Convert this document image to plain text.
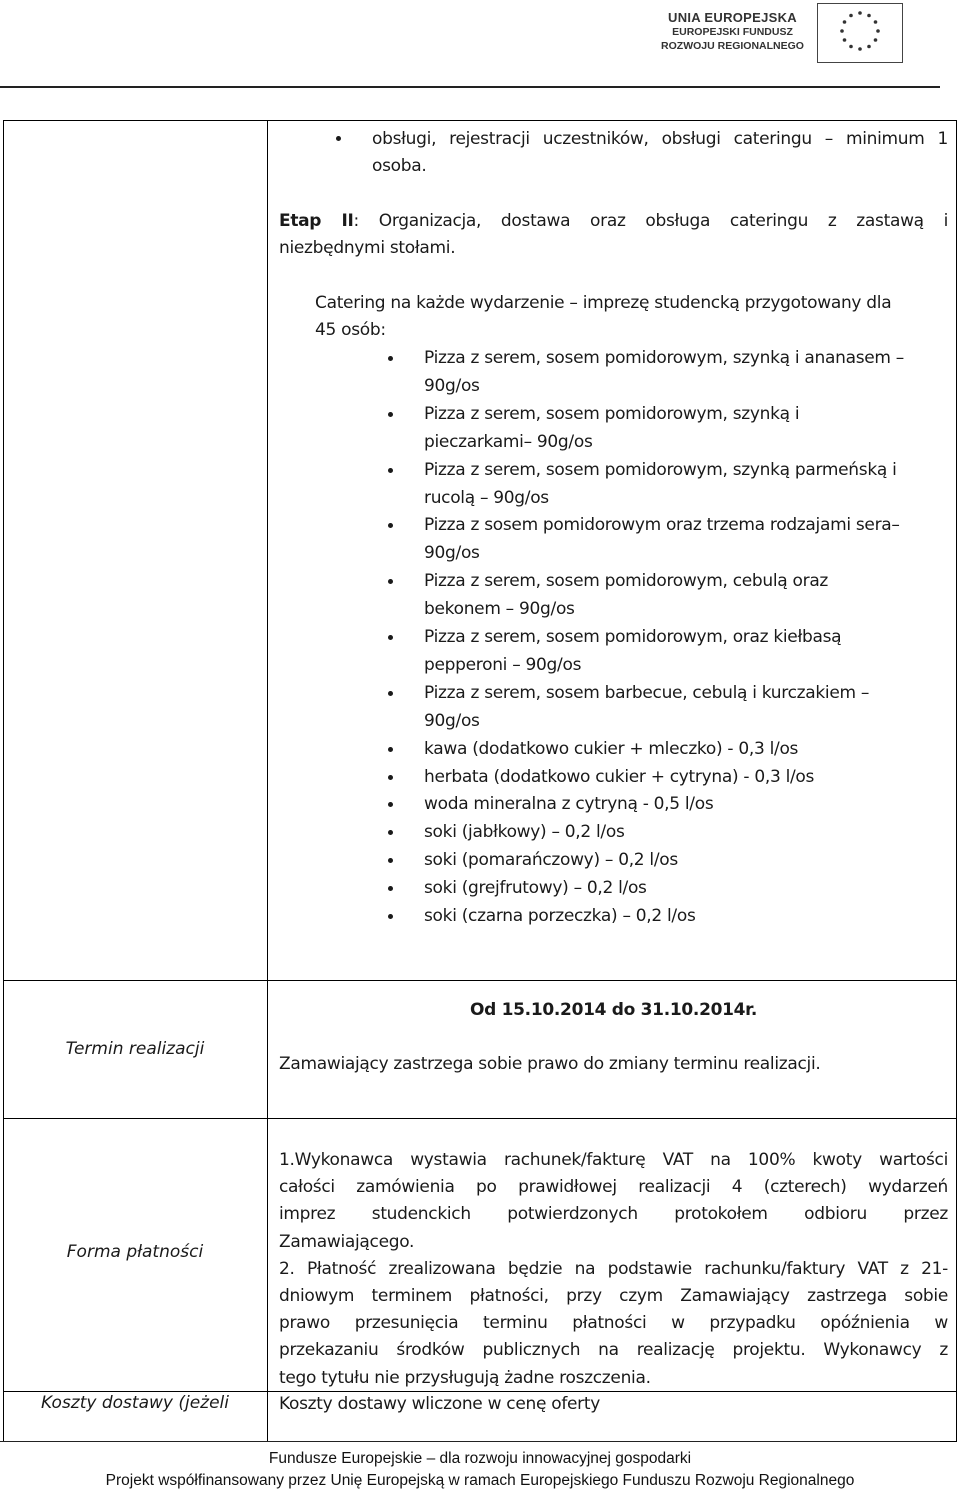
UNIA EUROPEJSKA
EUROPEJSKI FUNDUSZ
ROZWOJU REGIONALNEGO
obsługi, rejestracji uczestników, obsługi cateringu – minimum 1
osoba.
Etap II: Organizacja, dostawa oraz obsługa cateringu z zastawą i
niezbędnymi stołami.
Catering na każde wydarzenie – imprezę studencką przygotowany dla
45 osób:
Pizza z serem, sosem pomidorowym, szynką i ananasem –
90g/os
Pizza z serem, sosem pomidorowym, szynką i
pieczarkami– 90g/os
Pizza z serem, sosem pomidorowym, szynką parmeńską i
rucolą – 90g/os
Pizza z sosem pomidorowym oraz trzema rodzajami sera–
90g/os
Pizza z serem, sosem pomidorowym, cebulą oraz
bekonem – 90g/os
Pizza z serem, sosem pomidorowym, oraz kiełbasą
pepperoni – 90g/os
Pizza z serem, sosem barbecue, cebulą i kurczakiem –
90g/os
kawa (dodatkowo cukier + mleczko) - 0,3 l/os
herbata (dodatkowo cukier + cytryna) - 0,3 l/os
woda mineralna z cytryną - 0,5 l/os
soki (jabłkowy) – 0,2 l/os
soki (pomarańczowy) – 0,2 l/os
soki (grejfrutowy) – 0,2 l/os
soki (czarna porzeczka) – 0,2 l/os
Termin realizacji
Od 15.10.2014 do 31.10.2014r.
Zamawiający zastrzega sobie prawo do zmiany terminu realizacji.
Forma płatności
1.Wykonawca wystawia rachunek/fakturę VAT na 100% kwoty wartości
całości zamówienia po prawidłowej realizacji 4 (czterech) wydarzeń
imprez studenckich potwierdzonych protokołem odbioru przez
Zamawiającego.
2. Płatność zrealizowana będzie na podstawie rachunku/faktury VAT z 21-
dniowym terminem płatności, przy czym Zamawiający zastrzega sobie
prawo przesunięcia terminu płatności w przypadku opóźnienia w
przekazaniu środków publicznych na realizację projektu. Wykonawcy z
tego tytułu nie przysługują żadne roszczenia.
Koszty dostawy (jeżeli	Koszty dostawy wliczone w cenę oferty
Fundusze Europejskie – dla rozwoju innowacyjnej gospodarki
Projekt współfinansowany przez Unię Europejską w ramach Europejskiego Funduszu Rozwoju Regionalnego
